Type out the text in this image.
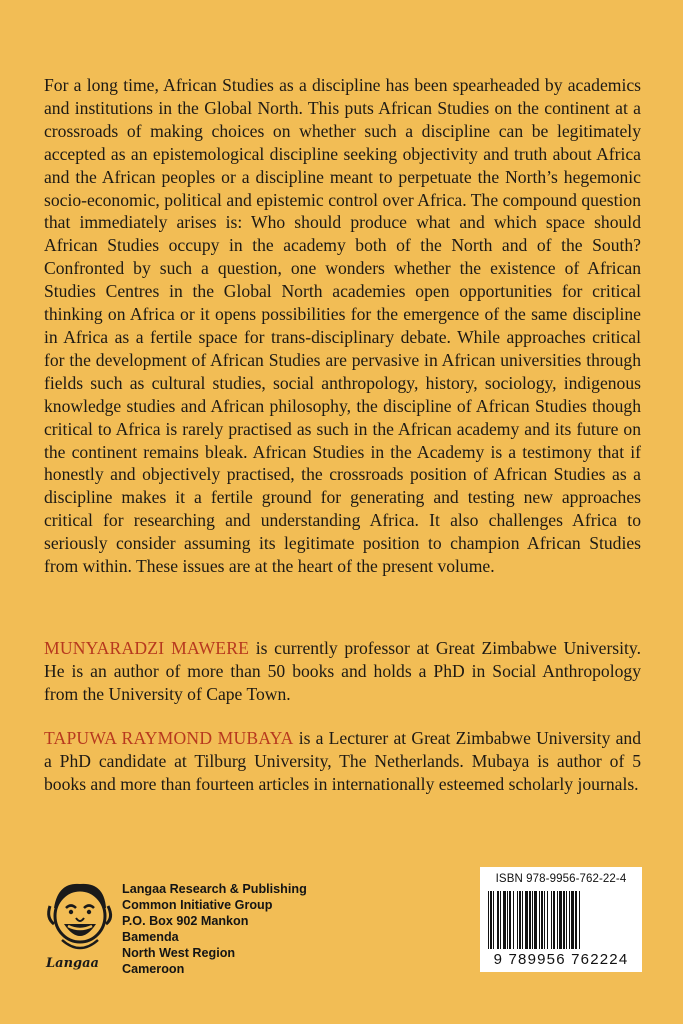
For a long time, African Studies as a discipline has been spearheaded by academics and institutions in the Global North. This puts African Studies on the continent at a crossroads of making choices on whether such a discipline can be legitimately accepted as an epistemological discipline seeking objectivity and truth about Africa and the African peoples or a discipline meant to perpetuate the North’s hegemonic socio-economic, political and epistemic control over Africa. The compound question that immediately arises is: Who should produce what and which space should African Studies occupy in the academy both of the North and of the South? Confronted by such a question, one wonders whether the existence of African Studies Centres in the Global North academies open opportunities for critical thinking on Africa or it opens possibilities for the emergence of the same discipline in Africa as a fertile space for trans-disciplinary debate. While approaches critical for the development of African Studies are pervasive in African universities through fields such as cultural studies, social anthropology, history, sociology, indigenous knowledge studies and African philosophy, the discipline of African Studies though critical to Africa is rarely practised as such in the African academy and its future on the continent remains bleak. African Studies in the Academy is a testimony that if honestly and objectively practised, the crossroads position of African Studies as a discipline makes it a fertile ground for generating and testing new approaches critical for researching and understanding Africa. It also challenges Africa to seriously consider assuming its legitimate position to champion African Studies from within. These issues are at the heart of the present volume.

MUNYARADZI MAWERE is currently professor at Great Zimbabwe University. He is an author of more than 50 books and holds a PhD in Social Anthropology from the University of Cape Town.

TAPUWA RAYMOND MUBAYA is a Lecturer at Great Zimbabwe University and a PhD candidate at Tilburg University, The Netherlands. Mubaya is author of 5 books and more than fourteen articles in internationally esteemed scholarly journals.

Langaa
Langaa Research & Publishing
Common Initiative Group
P.O. Box 902 Mankon
Bamenda
North West Region
Cameroon
ISBN 978-9956-762-22-4
9 789956 762224
